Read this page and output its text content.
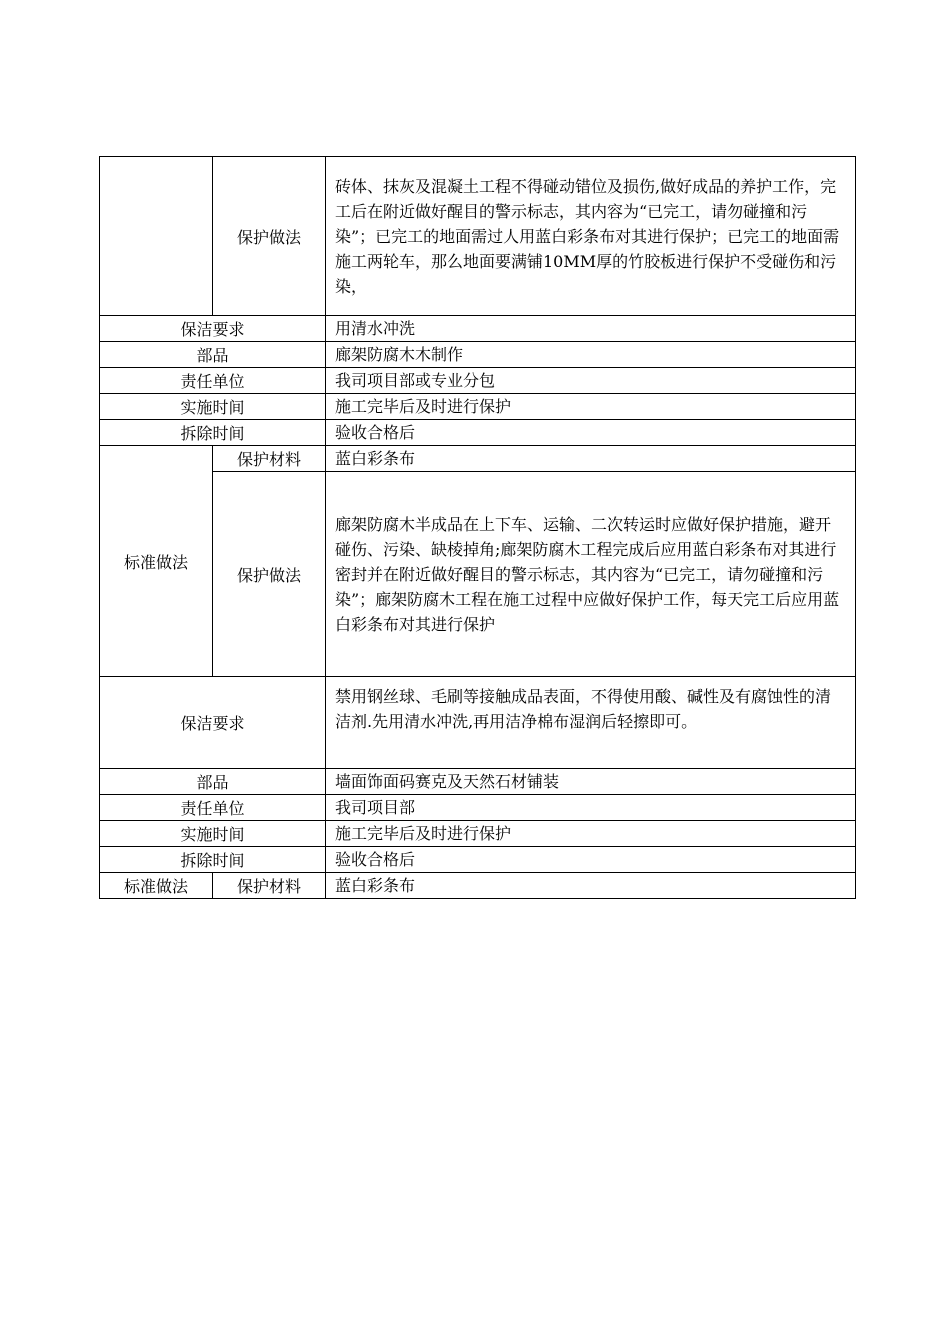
	保护做法	砖体、抹灰及混凝土工程不得碰动错位及损伤,做好成品的养护工作，完工后在附近做好醒目的警示标志，其内容为“已完工，请勿碰撞和污染”；已完工的地面需过人用蓝白彩条布对其进行保护；已完工的地面需施工两轮车，那么地面要满铺10MM厚的竹胶板进行保护不受碰伤和污染，
保洁要求		用清水冲洗
部品		廊架防腐木木制作
责任单位		我司项目部或专业分包
实施时间		施工完毕后及时进行保护
拆除时间		验收合格后
标准做法	保护材料	蓝白彩条布
	保护做法	廊架防腐木半成品在上下车、运输、二次转运时应做好保护措施，避开碰伤、污染、缺棱掉角;廊架防腐木工程完成后应用蓝白彩条布对其进行密封并在附近做好醒目的警示标志，其内容为“已完工，请勿碰撞和污染”；廊架防腐木工程在施工过程中应做好保护工作，每天完工后应用蓝白彩条布对其进行保护
保洁要求		禁用钢丝球、毛刷等接触成品表面，不得使用酸、碱性及有腐蚀性的清洁剂.先用清水冲洗,再用洁净棉布湿润后轻擦即可。
部品		墙面饰面码赛克及天然石材铺装
责任单位		我司项目部
实施时间		施工完毕后及时进行保护
拆除时间		验收合格后
标准做法	保护材料	蓝白彩条布
